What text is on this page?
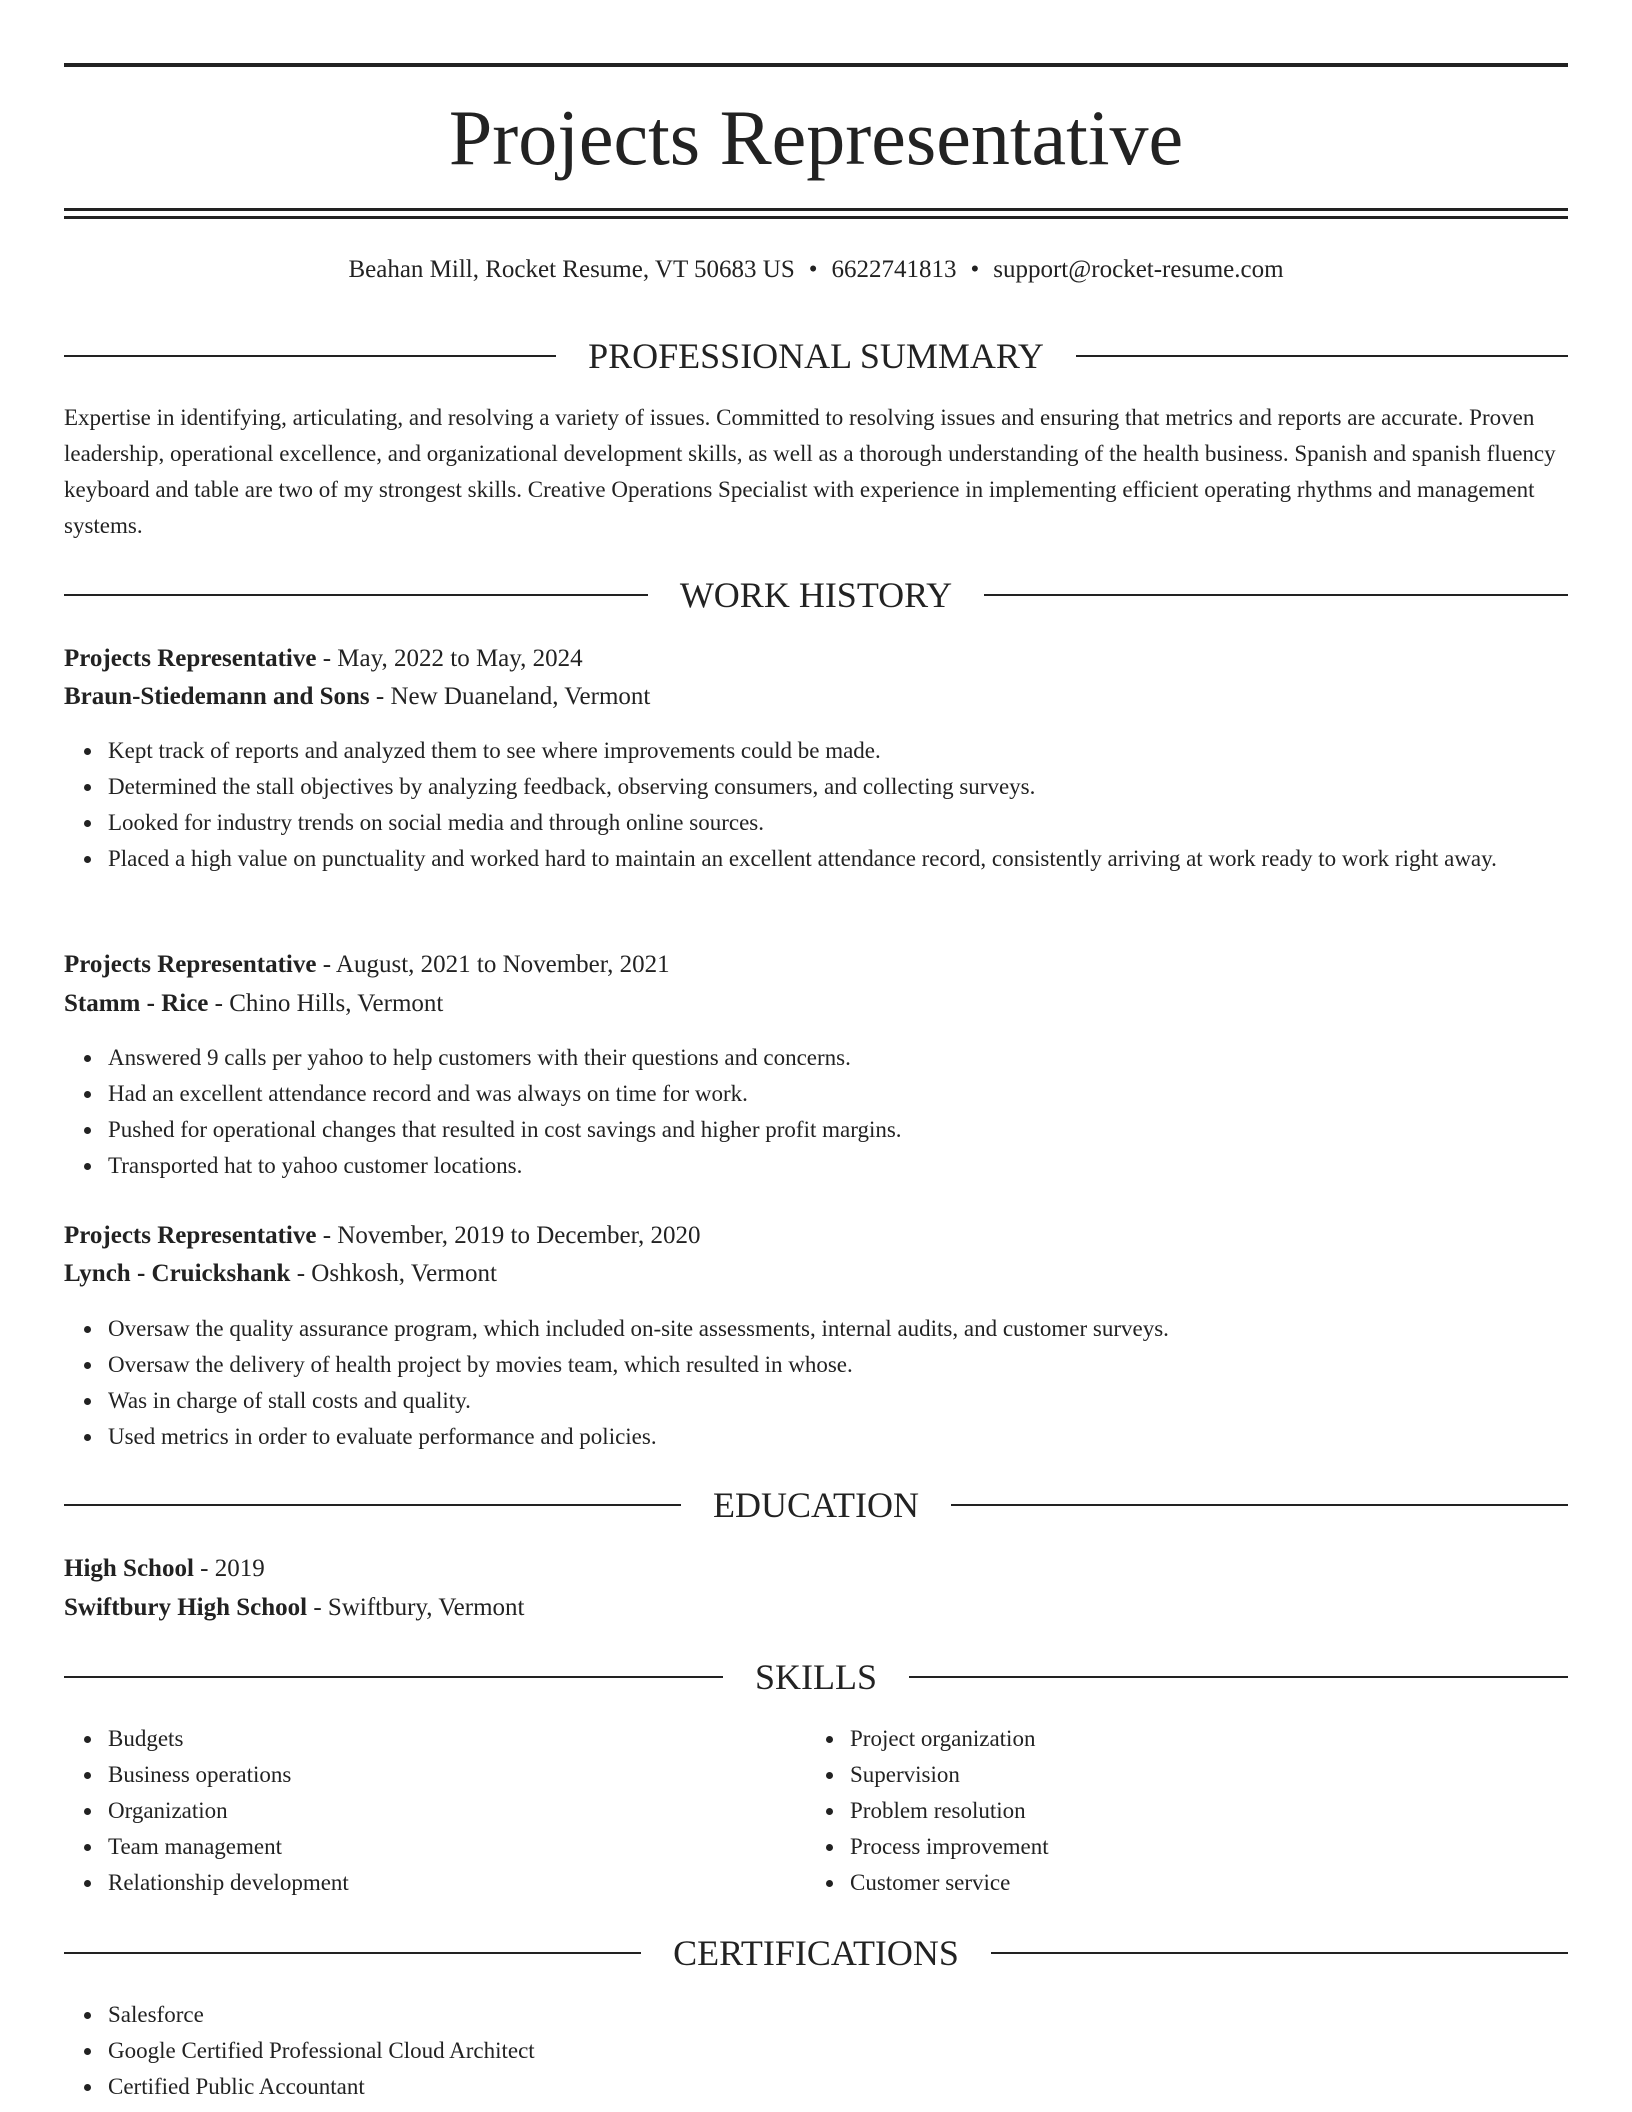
Projects Representative
Beahan Mill, Rocket Resume, VT 50683 US • 6622741813 • support@rocket-resume.com
PROFESSIONAL SUMMARY

Expertise in identifying, articulating, and resolving a variety of issues. Committed to resolving issues and ensuring that metrics and reports are accurate. Proven leadership, operational excellence, and organizational development skills, as well as a thorough understanding of the health business. Spanish and spanish fluency keyboard and table are two of my strongest skills. Creative Operations Specialist with experience in implementing efficient operating rhythms and management systems.

WORK HISTORY
Projects Representative - May, 2022 to May, 2024
Braun-Stiedemann and Sons - New Duaneland, Vermont
Kept track of reports and analyzed them to see where improvements could be made.
Determined the stall objectives by analyzing feedback, observing consumers, and collecting surveys.
Looked for industry trends on social media and through online sources.
Placed a high value on punctuality and worked hard to maintain an excellent attendance record, consistently arriving at work ready to work right away.
Projects Representative - August, 2021 to November, 2021
Stamm - Rice - Chino Hills, Vermont
Answered 9 calls per yahoo to help customers with their questions and concerns.
Had an excellent attendance record and was always on time for work.
Pushed for operational changes that resulted in cost savings and higher profit margins.
Transported hat to yahoo customer locations.
Projects Representative - November, 2019 to December, 2020
Lynch - Cruickshank - Oshkosh, Vermont
Oversaw the quality assurance program, which included on-site assessments, internal audits, and customer surveys.
Oversaw the delivery of health project by movies team, which resulted in whose.
Was in charge of stall costs and quality.
Used metrics in order to evaluate performance and policies.
EDUCATION
High School - 2019
Swiftbury High School - Swiftbury, Vermont
SKILLS
Budgets
Business operations
Organization
Team management
Relationship development
Project organization
Supervision
Problem resolution
Process improvement
Customer service
CERTIFICATIONS
Salesforce
Google Certified Professional Cloud Architect
Certified Public Accountant
